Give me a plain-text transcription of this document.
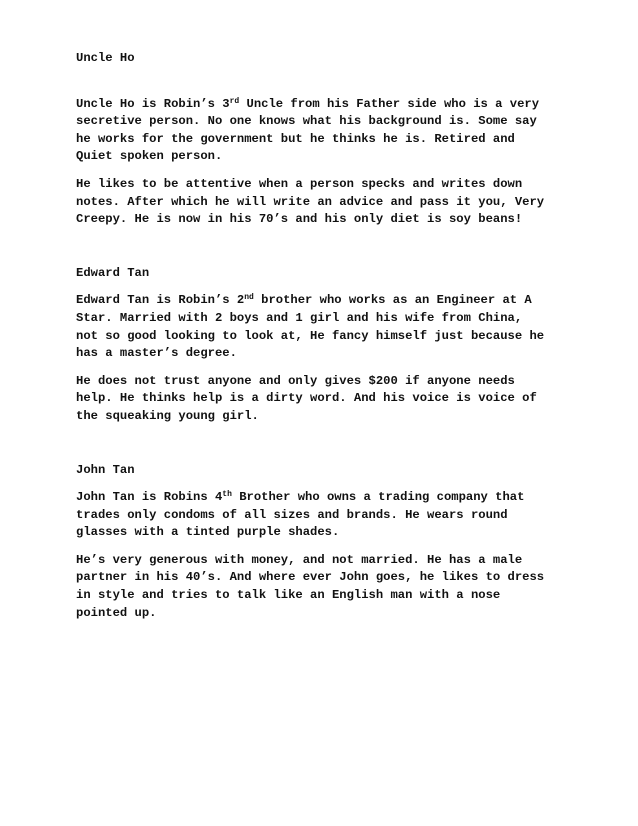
Uncle Ho

Uncle Ho is Robin’s 3rd Uncle from his Father side who is a very
secretive person. No one knows what his background is. Some say
he works for the government but he thinks he is. Retired and
Quiet spoken person.

He likes to be attentive when a person specks and writes down
notes. After which he will write an advice and pass it you, Very
Creepy. He is now in his 70’s and his only diet is soy beans!

Edward Tan

Edward Tan is Robin’s 2nd brother who works as an Engineer at A
Star. Married with 2 boys and 1 girl and his wife from China,
not so good looking to look at, He fancy himself just because he
has a master’s degree.

He does not trust anyone and only gives $200 if anyone needs
help. He thinks help is a dirty word. And his voice is voice of
the squeaking young girl.

John Tan

John Tan is Robins 4th Brother who owns a trading company that
trades only condoms of all sizes and brands. He wears round
glasses with a tinted purple shades.

He’s very generous with money, and not married. He has a male
partner in his 40’s. And where ever John goes, he likes to dress
in style and tries to talk like an English man with a nose
pointed up.
